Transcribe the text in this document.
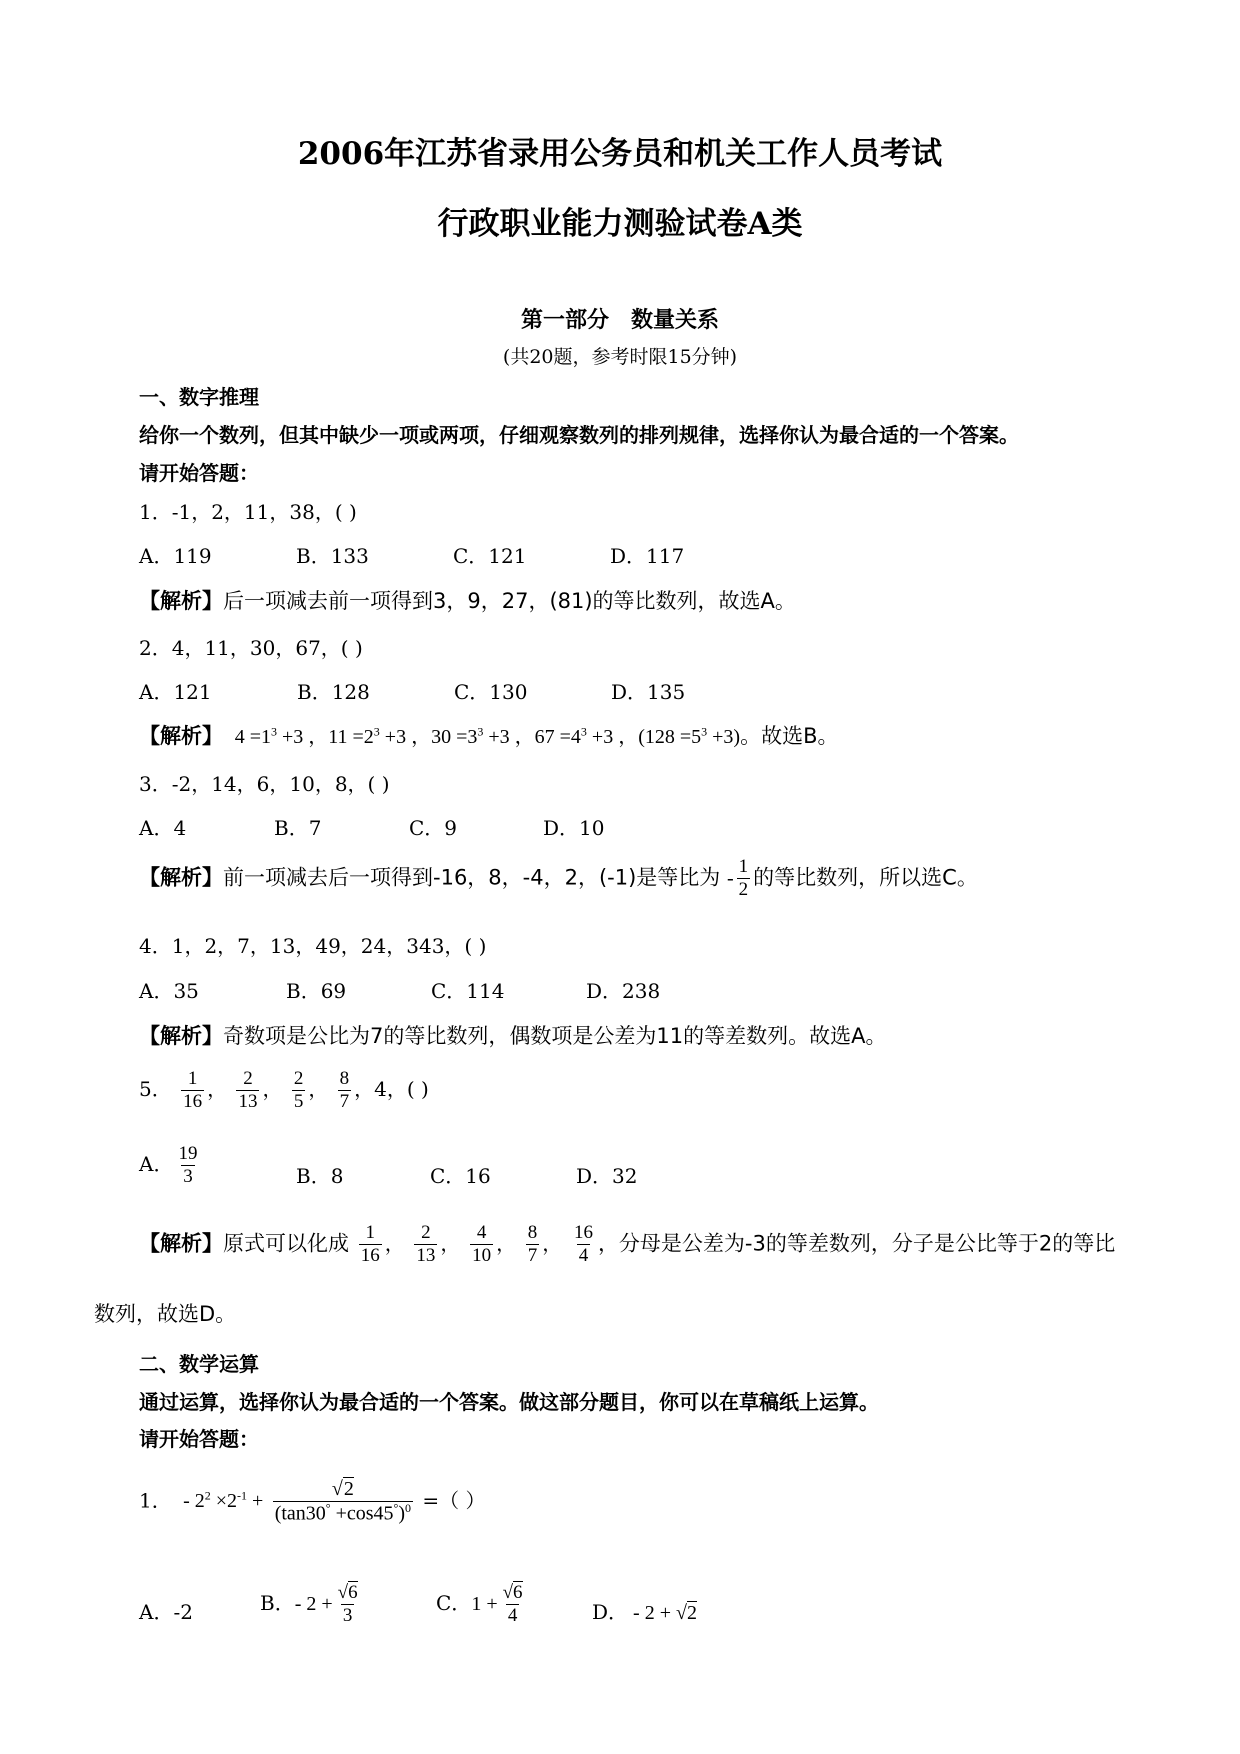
2006年江苏省录用公务员和机关工作人员考试
行政职业能力测验试卷A类
第一部分　数量关系
(共20题，参考时限15分钟)
一、数字推理
给你一个数列，但其中缺少一项或两项，仔细观察数列的排列规律，选择你认为最合适的一个答案。
请开始答题：
1．-1，2，11，38，( )
A．119	B．133	C．121	D．117
【解析】后一项减去前一项得到3，9，27，(81)的等比数列，故选A。
2．4，11，30，67，( )
A．121	B．128	C．130	D．135
【解析】  $4 =1^3 +3$ ，$11 =2^3 +3$ ，$30 =3^3 +3$ ，$67 =4^3 +3$ ，$(128 =5^3 +3)$。故选B。
3．-2，14，6，10，8，( )
A．4	B．7	C．9	D．10
【解析】前一项减去后一项得到-16，8，-4，2，(-1)是等比为 - $\frac{1}{2}$ 的等比数列，所以选C。
4．1，2，7，13，49，24，343，( )
A．35	B．69	C．114	D．238
【解析】奇数项是公比为7的等比数列，偶数项是公差为11的等差数列。故选A。
5． $\frac{1}{16}$ ， $\frac{2}{13}$ ， $\frac{2}{5}$ ， $\frac{8}{7}$ ，4，( )
A． $\frac{19}{3}$	B．8	C．16	D．32
【解析】原式可以化成 $\frac{1}{16}$ ， $\frac{2}{13}$ ， $\frac{4}{10}$ ， $\frac{8}{7}$ ， $\frac{16}{4}$ ，分母是公差为-3的等差数列，分子是公比等于2的等比
数列，故选D。
二、数学运算
通过运算，选择你认为最合适的一个答案。做这部分题目，你可以在草稿纸上运算。
请开始答题：
1．  - $2^2 \times 2^{-1} + \frac{√2}{(\tan 30^\circ +\cos 45^\circ)^0}$ =（ ）
A．-2	B．- $2 + \frac{√6}{3}$	C．$1 + \frac{√6}{4}$	D． - 2 + √2
